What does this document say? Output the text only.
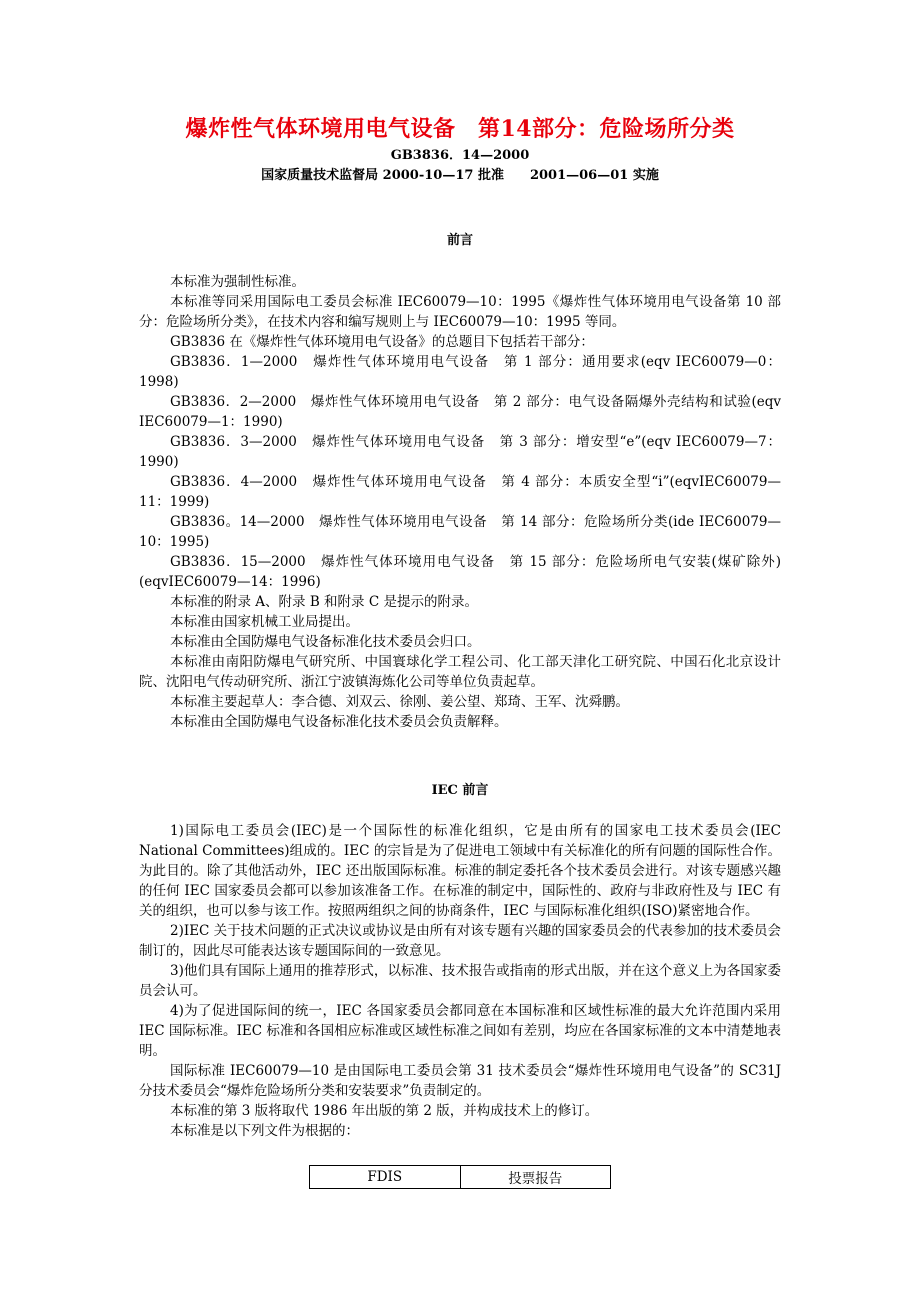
爆炸性气体环境用电气设备　第14部分：危险场所分类

GB3836．14—2000

国家质量技术监督局 2000-10—17 批准　　2001—06—01 实施

前言

本标准为强制性标准。

本标准等同采用国际电工委员会标准 IEC60079—10：1995《爆炸性气体环境用电气设备第 10 部分：危险场所分类》，在技术内容和编写规则上与 IEC60079—10：1995 等同。

GB3836 在《爆炸性气体环境用电气设备》的总题目下包括若干部分：

GB3836．1—2000　爆炸性气体环境用电气设备　第 1 部分：通用要求(eqv IEC60079—0：1998)

GB3836．2—2000　爆炸性气体环境用电气设备　第 2 部分：电气设备隔爆外壳结构和试验(eqv IEC60079—1：1990)

GB3836．3—2000　爆炸性气体环境用电气设备　第 3 部分：增安型“e”(eqv IEC60079—7：1990)

GB3836．4—2000　爆炸性气体环境用电气设备　第 4 部分：本质安全型“i”(eqvIEC60079—11：1999)

GB3836。14—2000　爆炸性气体环境用电气设备　第 14 部分：危险场所分类(ide IEC60079—10：1995)

GB3836．15—2000　爆炸性气体环境用电气设备　第 15 部分：危险场所电气安装(煤矿除外)(eqvIEC60079—14：1996)

本标准的附录 A、附录 B 和附录 C 是提示的附录。

本标准由国家机械工业局提出。

本标准由全国防爆电气设备标准化技术委员会归口。

本标准由南阳防爆电气研究所、中国寰球化学工程公司、化工部天津化工研究院、中国石化北京设计院、沈阳电气传动研究所、浙江宁波镇海炼化公司等单位负责起草。

本标准主要起草人：李合德、刘双云、徐刚、姜公望、郑琦、王军、沈舜鹏。

本标准由全国防爆电气设备标准化技术委员会负责解释。

IEC 前言

1)国际电工委员会(IEC)是一个国际性的标准化组织，它是由所有的国家电工技术委员会(IEC National Committees)组成的。IEC 的宗旨是为了促进电工领域中有关标准化的所有问题的国际性合作。为此目的。除了其他活动外，IEC 还出版国际标准。标准的制定委托各个技术委员会进行。对该专题感兴趣的任何 IEC 国家委员会都可以参加该准备工作。在标准的制定中，国际性的、政府与非政府性及与 IEC 有关的组织，也可以参与该工作。按照两组织之间的协商条件，IEC 与国际标准化组织(ISO)紧密地合作。

2)IEC 关于技术问题的正式决议或协议是由所有对该专题有兴趣的国家委员会的代表参加的技术委员会制订的，因此尽可能表达该专题国际间的一致意见。

3)他们具有国际上通用的推荐形式，以标准、技术报告或指南的形式出版，并在这个意义上为各国家委员会认可。

4)为了促进国际间的统一，IEC 各国家委员会都同意在本国标准和区域性标准的最大允许范围内采用 IEC 国际标准。IEC 标准和各国相应标准或区域性标准之间如有差别，均应在各国家标准的文本中清楚地表明。

国际标准 IEC60079—10 是由国际电工委员会第 31 技术委员会“爆炸性环境用电气设备”的 SC31J 分技术委员会“爆炸危险场所分类和安装要求”负责制定的。

本标准的第 3 版将取代 1986 年出版的第 2 版，并构成技术上的修订。

本标准是以下列文件为根据的：

FDIS	投票报告
